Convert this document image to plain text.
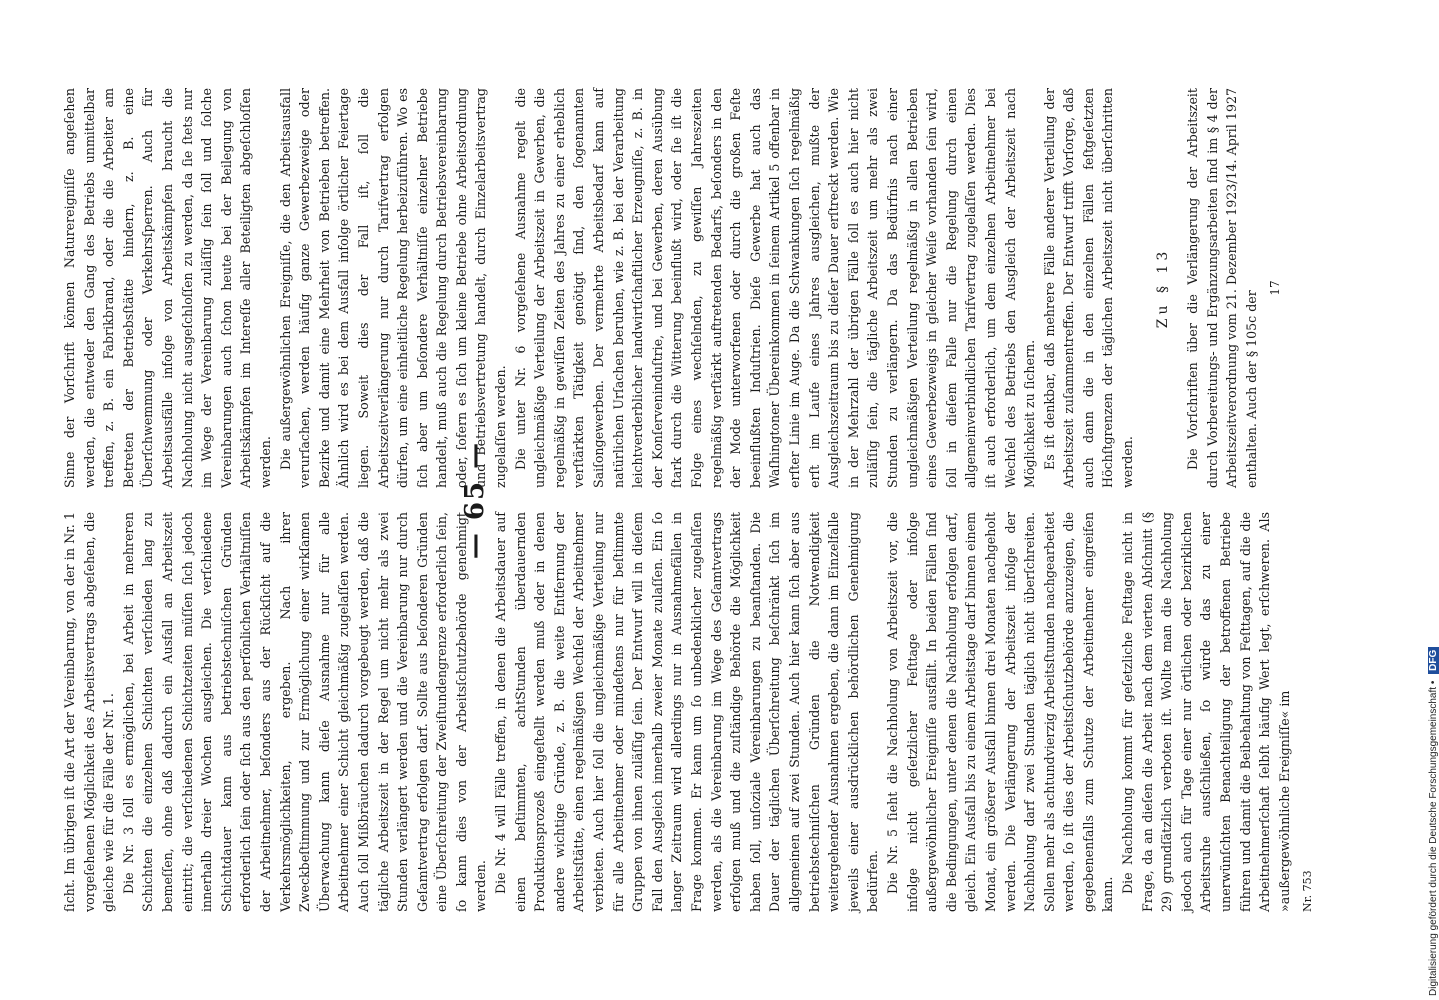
— 65 —

ſicht. Im übrigen iſt die Art der Vereinbarung, von der in Nr. 1 vorgeſehenen Möglichkeit des Arbeitsvertrags abgeſehen, die gleiche wie für die Fälle der Nr. 1. Die Nr. 3 ſoll es ermöglichen, bei Arbeit in mehreren Schichten die einzelnen Schichten verſchieden lang zu bemeſſen, ohne daß dadurch ein Ausfall an Arbeitszeit eintritt; die verſchiedenen Schichtzeiten müſſen ſich jedoch innerhalb dreier Wochen ausgleichen. Die verſchiedene Schichtdauer kann aus betriebstechniſchen Gründen erforderlich ſein oder ſich aus den perſönlichen Verhältniſſen der Arbeitnehmer, beſonders aus der Rückſicht auf die Verkehrsmöglichkeiten, ergeben. Nach ihrer Zweckbeſtimmung und zur Ermöglichung einer wirkſamen Überwachung kann dieſe Ausnahme nur für alle Arbeitnehmer einer Schicht gleichmäßig zugelaſſen werden. Auch ſoll Mißbräuchen dadurch vorgebeugt werden, daß die tägliche Arbeitszeit in der Regel um nicht mehr als zwei Stunden verlängert werden und die Vereinbarung nur durch Geſamtvertrag erfolgen darf. Sollte aus beſonderen Gründen eine Überſchreitung der Zweiſtundengrenze erforderlich ſein, ſo kann dies von der Arbeitsſchutzbehörde genehmigt werden. Die Nr. 4 will Fälle treffen, in denen die Arbeitsdauer auf einen beſtimmten, achtStunden überdauernden Produktionsprozeß eingeſtellt werden muß oder in denen andere wichtige Gründe, z. B. die weite Entfernung der Arbeitsſtätte, einen regelmäßigen Wechſel der Arbeitnehmer verbieten. Auch hier ſoll die ungleichmäßige Verteilung nur für alle Arbeitnehmer oder mindeſtens nur für beſtimmte Gruppen von ihnen zuläſſig ſein. Der Entwurf will in dieſem Fall den Ausgleich innerhalb zweier Monate zulaſſen. Ein ſo langer Zeitraum wird allerdings nur in Ausnahmefällen in Frage kommen. Er kann um ſo unbedenklicher zugelaſſen werden, als die Vereinbarung im Wege des Geſamtvertrags erfolgen muß und die zuſtändige Behörde die Möglichkeit haben ſoll, unſoziale Vereinbarungen zu beanſtanden. Die Dauer der täglichen Überſchreitung beſchränkt ſich im allgemeinen auf zwei Stunden. Auch hier kann ſich aber aus betriebstechniſchen Gründen die Notwendigkeit weitergehender Ausnahmen ergeben, die dann im Einzelfalle jeweils einer ausdrücklichen behördlichen Genehmigung bedürfen. Die Nr. 5 ſieht die Nachholung von Arbeitszeit vor, die infolge nicht geſetzlicher Feſttage oder infolge außergewöhnlicher Ereigniſſe ausfällt. In beiden Fällen ſind die Bedingungen, unter denen die Nachholung erfolgen darf, gleich. Ein Ausfall bis zu einem Arbeitstage darf binnen einem Monat, ein größerer Ausfall binnen drei Monaten nachgeholt werden. Die Verlängerung der Arbeitszeit infolge der Nachholung darf zwei Stunden täglich nicht überſchreiten. Sollen mehr als achtundvierzig Arbeitsſtunden nachgearbeitet werden, ſo iſt dies der Arbeitsſchutzbehörde anzuzeigen, die gegebenenfalls zum Schutze der Arbeitnehmer eingreifen kann.

Die Nachholung kommt für geſetzliche Feſttage nicht in Frage, da an dieſen die Arbeit nach dem vierten Abſchnitt (§ 29) grundſätzlich verboten iſt. Wollte man die Nachholung jedoch auch für Tage einer nur örtlichen oder bezirklichen Arbeitsruhe ausſchließen, ſo würde das zu einer unerwünſchten Benachteiligung der betroffenen Betriebe führen und damit die Beibehaltung von Feſttagen, auf die die Arbeitnehmerſchaft ſelbſt häufig Wert legt, erſchweren. Als »außergewöhnliche Ereigniſſe« im Nr. 753

Sinne der Vorſchrift können Naturereigniſſe angeſehen werden, die entweder den Gang des Betriebs unmittelbar treffen, z. B. ein Fabrikbrand, oder die die Arbeiter am Betreten der Betriebsſtätte hindern, z. B. eine Überſchwemmung oder Verkehrsſperren. Auch für Arbeitsausfälle infolge von Arbeitskämpfen braucht die Nachholung nicht ausgeſchloſſen zu werden, da ſie ſtets nur im Wege der Vereinbarung zuläſſig ſein ſoll und ſolche Vereinbarungen auch ſchon heute bei der Beilegung von Arbeitskämpfen im Intereſſe aller Beteiligten abgeſchloſſen werden. Die außergewöhnlichen Ereigniſſe, die den Arbeitsausfall verurſachen, werden häufig ganze Gewerbezweige oder Bezirke und damit eine Mehrheit von Betrieben betreffen. Ähnlich wird es bei dem Ausfall infolge örtlicher Feiertage liegen. Soweit dies der Fall iſt, ſoll die Arbeitszeitverlängerung nur durch Tarifvertrag erfolgen dürfen, um eine einheitliche Regelung herbeizuführen. Wo es ſich aber um beſondere Verhältniſſe einzelner Betriebe handelt, muß auch die Regelung durch Betriebsvereinbarung oder, ſofern es ſich um kleine Betriebe ohne Arbeitsordnung und Betriebsvertretung handelt, durch Einzelarbeitsvertrag zugelaſſen werden. Die unter Nr. 6 vorgeſehene Ausnahme regelt die ungleichmäßige Verteilung der Arbeitszeit in Gewerben, die regelmäßig in gewiſſen Zeiten des Jahres zu einer erheblich verſtärkten Tätigkeit genötigt ſind, den ſogenannten Saiſongewerben. Der vermehrte Arbeitsbedarf kann auf natürlichen Urſachen beruhen, wie z. B. bei der Verarbeitung leichtverderblicher landwirtſchaftlicher Erzeugniſſe, z. B. in der Konſerveninduſtrie, und bei Gewerben, deren Ausübung ſtark durch die Witterung beeinflußt wird, oder ſie iſt die Folge eines wechſelnden, zu gewiſſen Jahreszeiten regelmäßig verſtärkt auftretenden Bedarfs, beſonders in den der Mode unterworfenen oder durch die großen Feſte beeinflußten Induſtrien. Dieſe Gewerbe hat auch das Waſhingtoner Übereinkommen in ſeinem Artikel 5 offenbar in erſter Linie im Auge. Da die Schwankungen ſich regelmäßig erſt im Laufe eines Jahres ausgleichen, mußte der Ausgleichszeitraum bis zu dieſer Dauer erſtreckt werden. Wie in der Mehrzahl der übrigen Fälle ſoll es auch hier nicht zuläſſig ſein, die tägliche Arbeitszeit um mehr als zwei Stunden zu verlängern. Da das Bedürfnis nach einer ungleichmäßigen Verteilung regelmäßig in allen Betrieben eines Gewerbezweigs in gleicher Weiſe vorhanden ſein wird, ſoll in dieſem Falle nur die Regelung durch einen allgemeinverbindlichen Tarifvertrag zugelaſſen werden. Dies iſt auch erforderlich, um dem einzelnen Arbeitnehmer bei Wechſel des Betriebs den Ausgleich der Arbeitszeit nach Möglichkeit zu ſichern. Es iſt denkbar, daß mehrere Fälle anderer Verteilung der Arbeitszeit zuſammentreffen. Der Entwurf trifft Vorſorge, daß auch dann die in den einzelnen Fällen feſtgeſetzten Höchſtgrenzen der täglichen Arbeitszeit nicht überſchritten werden.

Zu § 13 Die Vorſchriften über die Verlängerung der Arbeitszeit durch Vorbereitungs- und Ergänzungsarbeiten ſind im § 4 der Arbeitszeitverordnung vom 21. Dezember 1923/14. April 1927 enthalten. Auch der § 105c der

17
Digitalisierung gefördert durch die Deutsche Forschungsgemeinschaft • DFG
